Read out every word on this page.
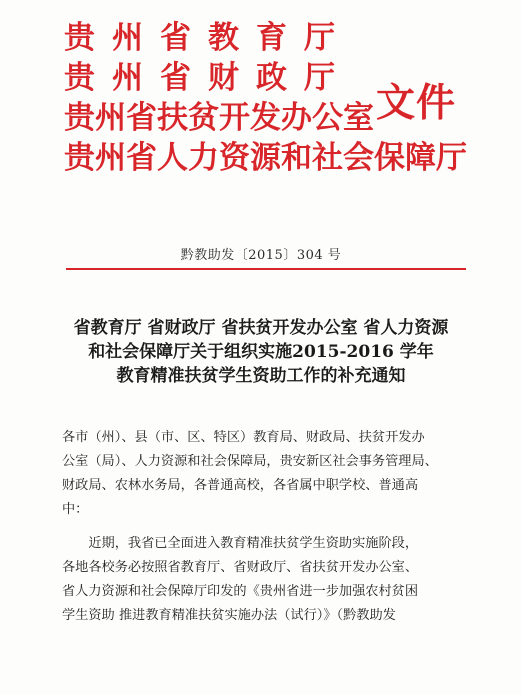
贵州省教育厅
贵州省财政厅
贵州省扶贫开发办公室
贵州省人力资源和社会保障厅
文件
黔教助发〔2015〕304 号
省教育厅 省财政厅 省扶贫开发办公室 省人力资源
和社会保障厅关于组织实施2015-2016 学年
教育精准扶贫学生资助工作的补充通知
各市（州）、县（市、区、特区）教育局、财政局、扶贫开发办
公室（局）、人力资源和社会保障局，贵安新区社会事务管理局、
财政局、农林水务局，各普通高校，各省属中职学校、普通高
中：
　　近期，我省已全面进入教育精准扶贫学生资助实施阶段，
各地各校务必按照省教育厅、省财政厅、省扶贫开发办公室、
省人力资源和社会保障厅印发的《贵州省进一步加强农村贫困
学生资助 推进教育精准扶贫实施办法（试行）》（黔教助发
